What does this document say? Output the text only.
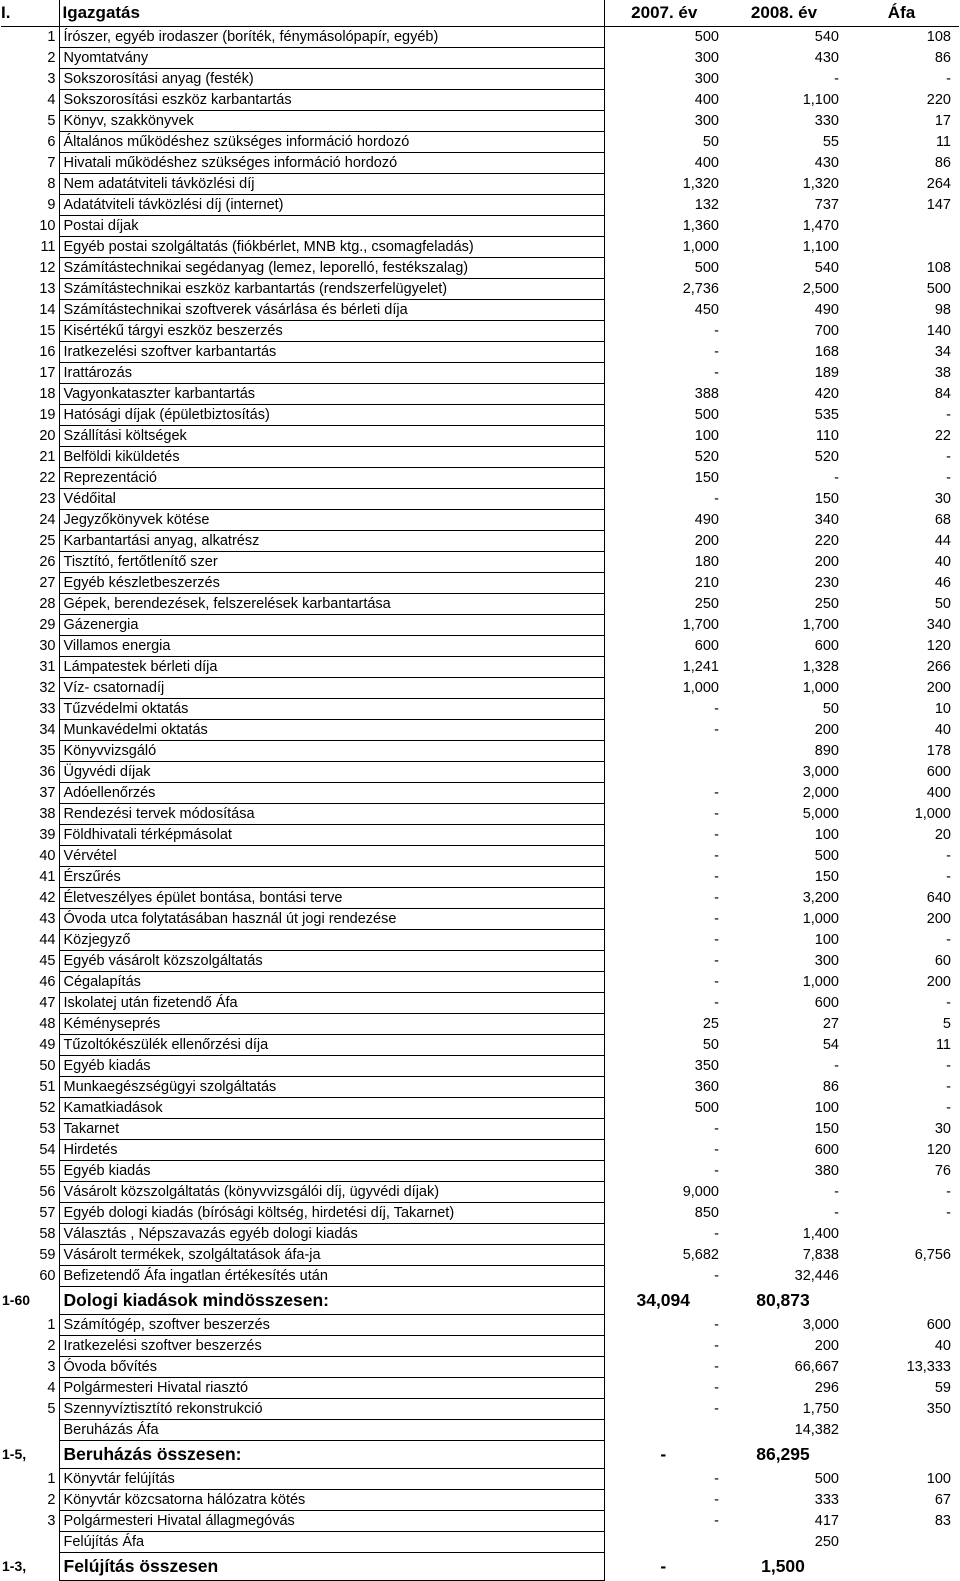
I.	Igazgatás	2007. év	2008. év	Áfa
1	Írószer, egyéb irodaszer (boríték, fénymásolópapír, egyéb)	500	540	108
2	Nyomtatvány	300	430	86
3	Sokszorosítási anyag (festék)	300	-	-
4	Sokszorosítási eszköz karbantartás	400	1,100	220
5	Könyv, szakkönyvek	300	330	17
6	Általános működéshez szükséges információ hordozó	50	55	11
7	Hivatali működéshez szükséges információ hordozó	400	430	86
8	Nem adatátviteli távközlési díj	1,320	1,320	264
9	Adatátviteli távközlési díj (internet)	132	737	147
10	Postai díjak	1,360	1,470	
11	Egyéb postai szolgáltatás (fiókbérlet, MNB ktg., csomagfeladás)	1,000	1,100	
12	Számítástechnikai segédanyag (lemez, leporelló, festékszalag)	500	540	108
13	Számítástechnikai eszköz karbantartás (rendszerfelügyelet)	2,736	2,500	500
14	Számítástechnikai szoftverek vásárlása és bérleti díja	450	490	98
15	Kisértékű tárgyi eszköz beszerzés	-	700	140
16	Iratkezelési szoftver karbantartás	-	168	34
17	Irattározás	-	189	38
18	Vagyonkataszter karbantartás	388	420	84
19	Hatósági díjak (épületbiztosítás)	500	535	-
20	Szállítási költségek	100	110	22
21	Belföldi kiküldetés	520	520	-
22	Reprezentáció	150	-	-
23	Védőital	-	150	30
24	Jegyzőkönyvek kötése	490	340	68
25	Karbantartási anyag, alkatrész	200	220	44
26	Tisztító, fertőtlenítő szer	180	200	40
27	Egyéb készletbeszerzés	210	230	46
28	Gépek, berendezések, felszerelések karbantartása	250	250	50
29	Gázenergia	1,700	1,700	340
30	Villamos energia	600	600	120
31	Lámpatestek bérleti díja	1,241	1,328	266
32	Víz- csatornadíj	1,000	1,000	200
33	Tűzvédelmi oktatás	-	50	10
34	Munkavédelmi oktatás	-	200	40
35	Könyvvizsgáló		890	178
36	Ügyvédi díjak		3,000	600
37	Adóellenőrzés	-	2,000	400
38	Rendezési tervek módosítása	-	5,000	1,000
39	Földhivatali térképmásolat	-	100	20
40	Vérvétel	-	500	-
41	Érszűrés	-	150	-
42	Életveszélyes épület bontása, bontási terve	-	3,200	640
43	Óvoda utca folytatásában használ út jogi rendezése	-	1,000	200
44	Közjegyző	-	100	-
45	Egyéb vásárolt közszolgáltatás	-	300	60
46	Cégalapítás	-	1,000	200
47	Iskolatej után fizetendő Áfa	-	600	-
48	Kéményseprés	25	27	5
49	Tűzoltókészülék ellenőrzési díja	50	54	11
50	Egyéb kiadás	350	-	-
51	Munkaegészségügyi szolgáltatás	360	86	-
52	Kamatkiadások	500	100	-
53	Takarnet	-	150	30
54	Hirdetés	-	600	120
55	Egyéb kiadás	-	380	76
56	Vásárolt közszolgáltatás (könyvvizsgálói díj, ügyvédi díjak)	9,000	-	-
57	Egyéb dologi kiadás (bírósági költség, hirdetési díj, Takarnet)	850	-	-
58	Választás , Népszavazás egyéb dologi kiadás	-	1,400	
59	Vásárolt termékek, szolgáltatások áfa-ja	5,682	7,838	6,756
60	Befizetendő Áfa ingatlan értékesítés után	-	32,446	
1-60	Dologi kiadások mindösszesen:	34,094	80,873	
1	Számítógép, szoftver beszerzés	-	3,000	600
2	Iratkezelési szoftver beszerzés	-	200	40
3	Óvoda bővítés	-	66,667	13,333
4	Polgármesteri Hivatal riasztó	-	296	59
5	Szennyvíztisztító rekonstrukció	-	1,750	350
	Beruházás Áfa		14,382	
1-5,	Beruházás összesen:	-	86,295	
1	Könyvtár felújítás	-	500	100
2	Könyvtár közcsatorna hálózatra kötés	-	333	67
3	Polgármesteri Hivatal állagmegóvás	-	417	83
	Felújítás Áfa		250	
1-3,	Felújítás összesen	-	1,500	
